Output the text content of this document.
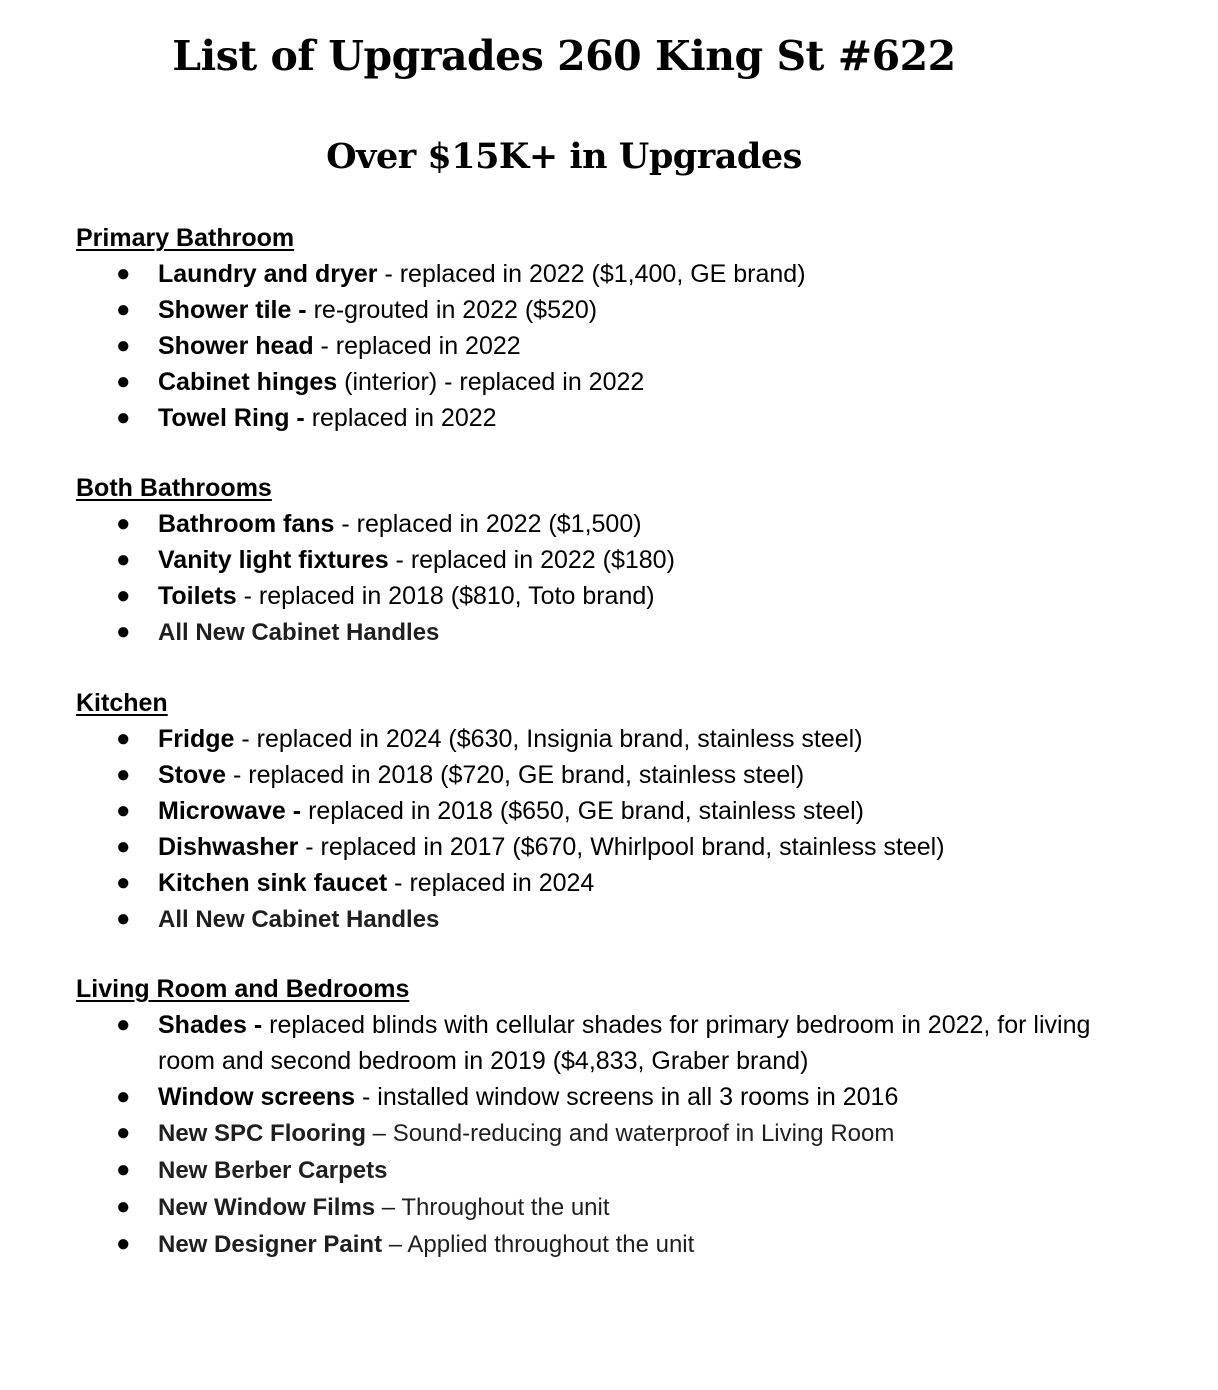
List of Upgrades 260 King St #622
Over $15K+ in Upgrades
Primary Bathroom
● Laundry and dryer - replaced in 2022 ($1,400, GE brand)
● Shower tile - re-grouted in 2022 ($520)
● Shower head - replaced in 2022
● Cabinet hinges (interior) - replaced in 2022
● Towel Ring - replaced in 2022
Both Bathrooms
● Bathroom fans - replaced in 2022 ($1,500)
● Vanity light fixtures - replaced in 2022 ($180)
● Toilets - replaced in 2018 ($810, Toto brand)
● All New Cabinet Handles
Kitchen
● Fridge - replaced in 2024 ($630, Insignia brand, stainless steel)
● Stove - replaced in 2018 ($720, GE brand, stainless steel)
● Microwave - replaced in 2018 ($650, GE brand, stainless steel)
● Dishwasher - replaced in 2017 ($670, Whirlpool brand, stainless steel)
● Kitchen sink faucet - replaced in 2024
● All New Cabinet Handles
Living Room and Bedrooms
● Shades - replaced blinds with cellular shades for primary bedroom in 2022, for living room and second bedroom in 2019 ($4,833, Graber brand)
● Window screens - installed window screens in all 3 rooms in 2016
● New SPC Flooring – Sound-reducing and waterproof in Living Room
● New Berber Carpets
● New Window Films – Throughout the unit
● New Designer Paint – Applied throughout the unit
